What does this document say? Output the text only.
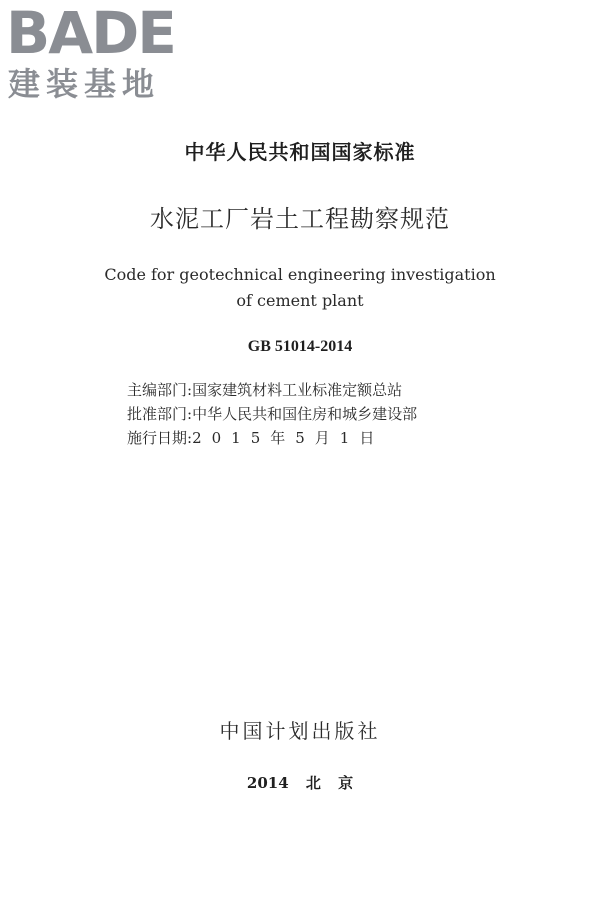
BADE
建装基地
中华人民共和国国家标准
水泥工厂岩土工程勘察规范
Code for geotechnical engineering investigation
of cement plant
GB 51014-2014
主编部门:国家建筑材料工业标准定额总站
批准部门:中华人民共和国住房和城乡建设部
施行日期:2015年5月1日
中国计划出版社
2014 北 京
